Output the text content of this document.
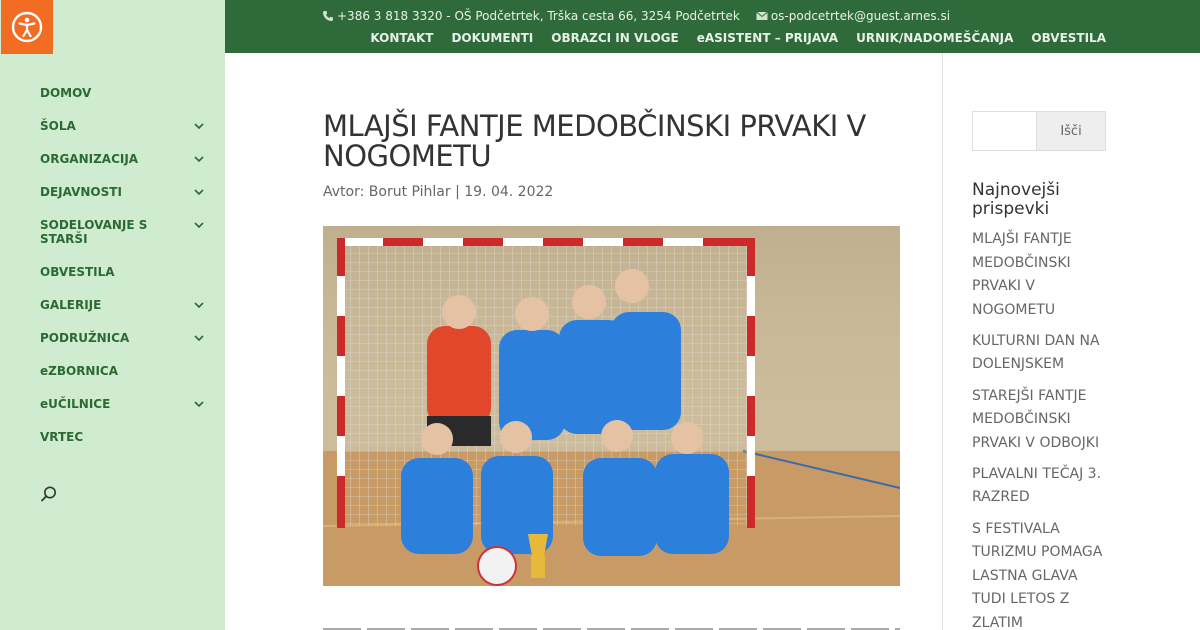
DOMOV
ŠOLA
ORGANIZACIJA
DEJAVNOSTI
SODELOVANJE S STARŠI
OBVESTILA
GALERIJE
PODRUŽNICA
eZBORNICA
eUČILNICE
VRTEC
+386 3 818 3320 - OŠ Podčetrtek, Trška cesta 66, 3254 Podčetrtek	os-podcetrtek@guest.arnes.si
KONTAKT DOKUMENTI OBRAZCI IN VLOGE eASISTENT – PRIJAVA URNIK/NADOMEŠČANJA OBVESTILA
MLAJŠI FANTJE MEDOBČINSKI PRVAKI V NOGOMETU
Avtor: Borut Pihlar | 19. 04. 2022
Išči
Najnovejši prispevki
MLAJŠI FANTJE MEDOBČINSKI PRVAKI V NOGOMETU
KULTURNI DAN NA DOLENJSKEM
STAREJŠI FANTJE MEDOBČINSKI PRVAKI V ODBOJKI
PLAVALNI TEČAJ 3. RAZRED
S FESTIVALA TURIZMU POMAGA LASTNA GLAVA TUDI LETOS Z ZLATIM
